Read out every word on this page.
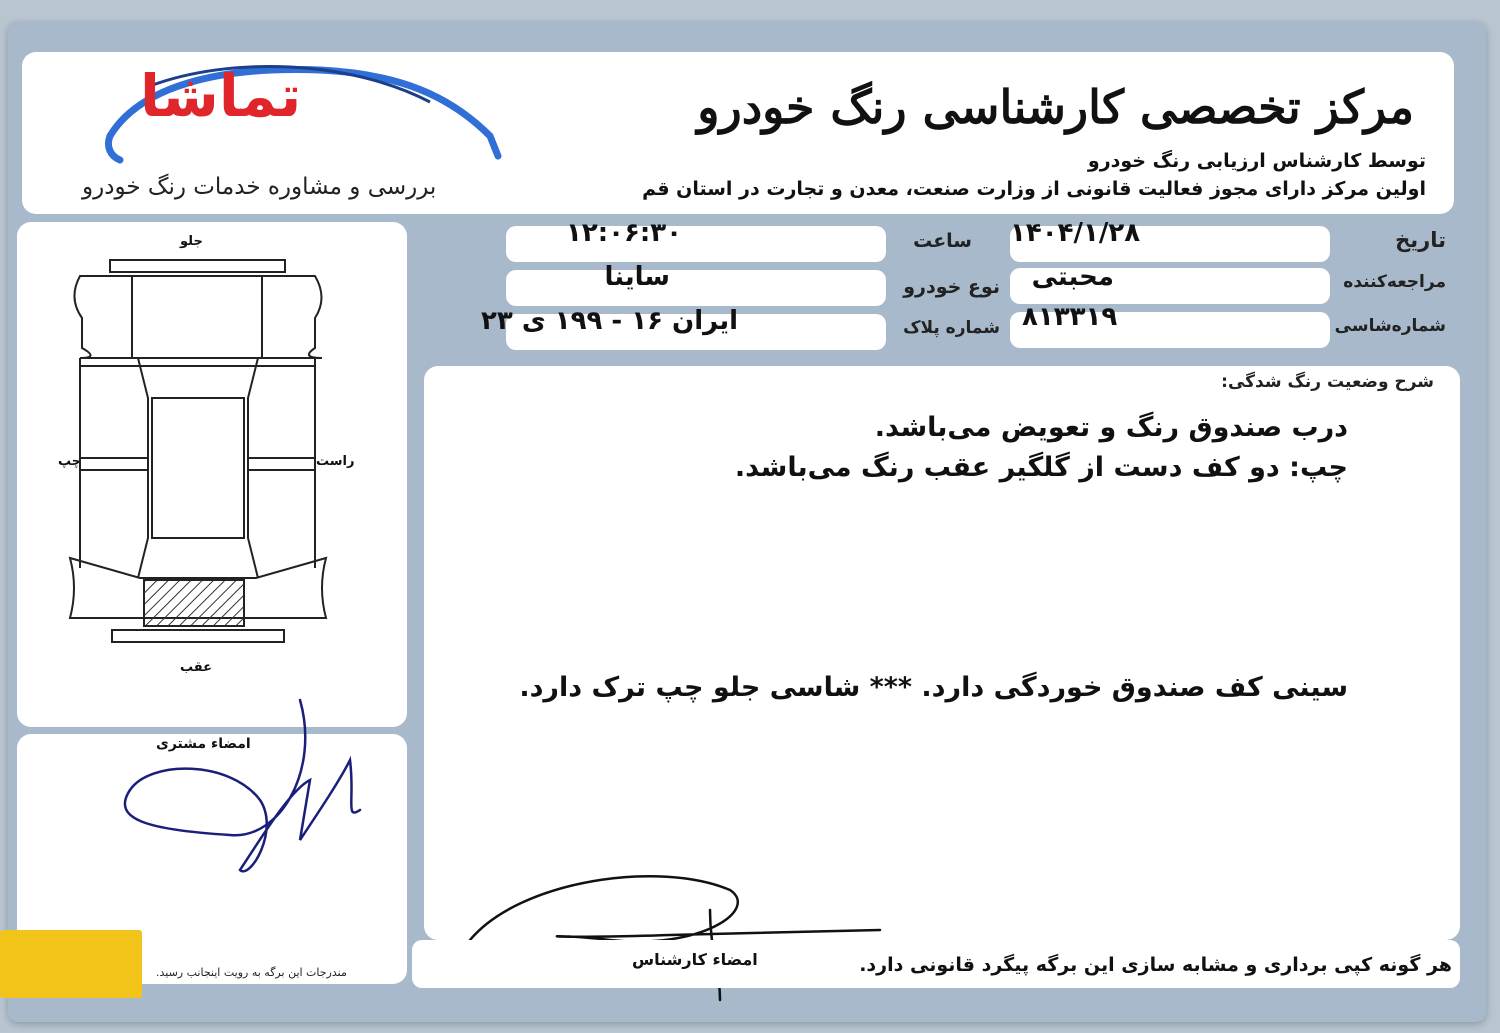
تماشا
بررسی و مشاوره خدمات رنگ خودرو
مرکز تخصصی کارشناسی رنگ خودرو
توسط کارشناس ارزیابی رنگ خودرو
اولین مرکز دارای مجوز فعالیت قانونی از وزارت صنعت، معدن و تجارت در استان قم
تاریخ
۱۴۰۴/۱/۲۸
ساعت
۱۲:۰۶:۳۰
مراجعه‌کننده
محبتی
نوع خودرو
ساینا
شماره‌شاسی
۸۱۳۳۱۹
شماره پلاک
ایران ۱۶ - ۱۹۹ ی ۲۳
جلو
عقب
چپ	راست
امضاء مشتری
مندرجات این برگه به رویت اینجانب رسید.
شرح وضعیت رنگ شدگی:
درب صندوق رنگ و تعویض می‌باشد.
چپ: دو کف دست از گلگیر عقب رنگ می‌باشد.
سینی کف صندوق خوردگی دارد. *** شاسی جلو چپ ترک دارد.
امضاء کارشناس	هر گونه کپی برداری و مشابه سازی این برگه پیگرد قانونی دارد.
